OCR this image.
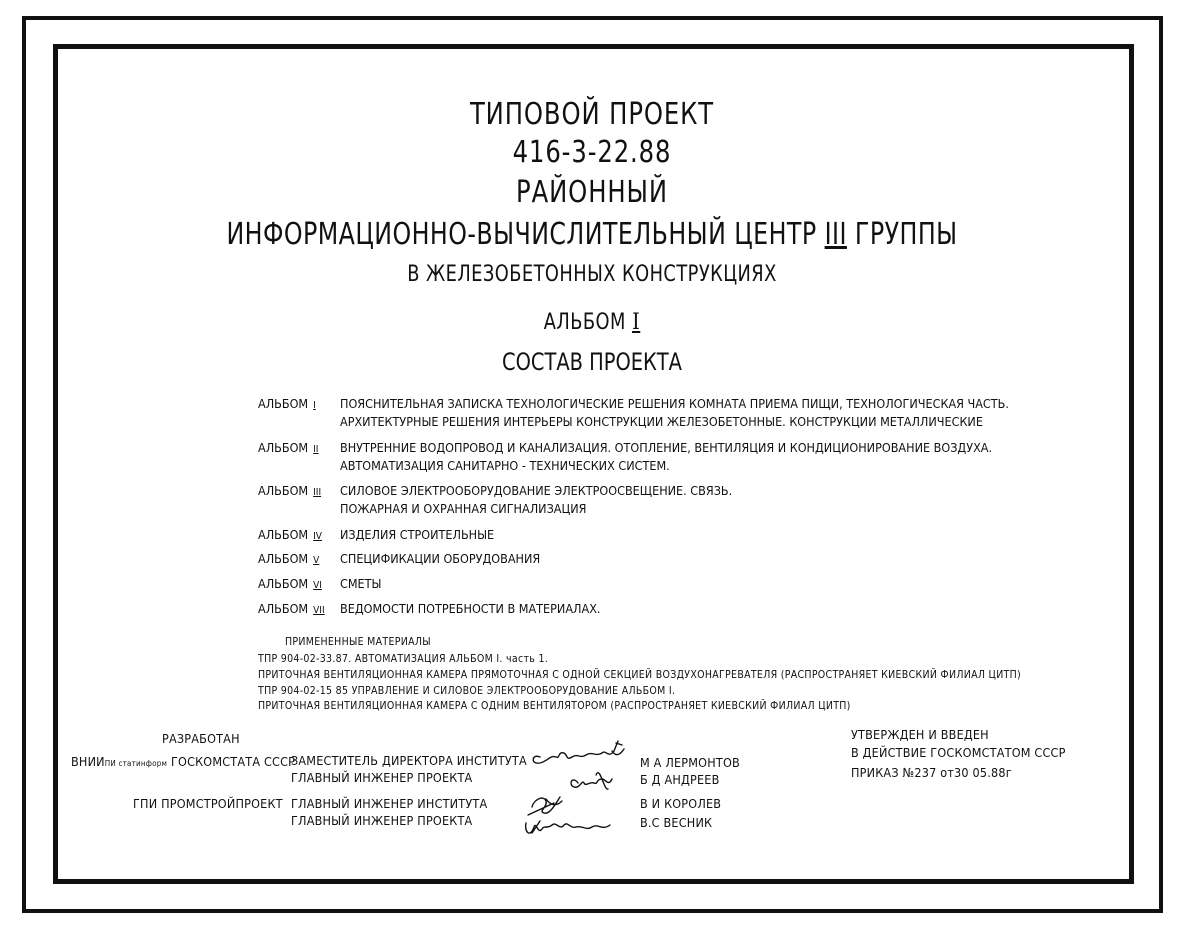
ТИПОВОЙ ПРОЕКТ
416-3-22.88
РАЙОННЫЙ
ИНФОРМАЦИОННО-ВЫЧИСЛИТЕЛЬНЫЙ ЦЕНТР III ГРУППЫ
В ЖЕЛЕЗОБЕТОННЫХ КОНСТРУКЦИЯХ
АЛЬБОМ I
СОСТАВ ПРОЕКТА
АЛЬБОМ I ПОЯСНИТЕЛЬНАЯ ЗАПИСКА ТЕХНОЛОГИЧЕСКИЕ РЕШЕНИЯ КОМНАТА ПРИЕМА ПИЩИ, ТЕХНОЛОГИЧЕСКАЯ ЧАСТЬ.
АРХИТЕКТУРНЫЕ РЕШЕНИЯ ИНТЕРЬЕРЫ КОНСТРУКЦИИ ЖЕЛЕЗОБЕТОННЫЕ. КОНСТРУКЦИИ МЕТАЛЛИЧЕСКИЕ
АЛЬБОМ II ВНУТРЕННИЕ ВОДОПРОВОД И КАНАЛИЗАЦИЯ. ОТОПЛЕНИЕ, ВЕНТИЛЯЦИЯ И КОНДИЦИОНИРОВАНИЕ ВОЗДУХА.
АВТОМАТИЗАЦИЯ САНИТАРНО - ТЕХНИЧЕСКИХ СИСТЕМ.
АЛЬБОМ III СИЛОВОЕ ЭЛЕКТРООБОРУДОВАНИЕ ЭЛЕКТРООСВЕЩЕНИЕ. СВЯЗЬ.
ПОЖАРНАЯ И ОХРАННАЯ СИГНАЛИЗАЦИЯ
АЛЬБОМ IV ИЗДЕЛИЯ СТРОИТЕЛЬНЫЕ
АЛЬБОМ V СПЕЦИФИКАЦИИ ОБОРУДОВАНИЯ
АЛЬБОМ VI СМЕТЫ
АЛЬБОМ VII ВЕДОМОСТИ ПОТРЕБНОСТИ В МАТЕРИАЛАХ.
ПРИМЕНЕННЫЕ МАТЕРИАЛЫ
ТПР 904-02-33.87. АВТОМАТИЗАЦИЯ АЛЬБОМ I. часть 1.
ПРИТОЧНАЯ ВЕНТИЛЯЦИОННАЯ КАМЕРА ПРЯМОТОЧНАЯ С ОДНОЙ СЕКЦИЕЙ ВОЗДУХОНАГРЕВАТЕЛЯ (РАСПРОСТРАНЯЕТ КИЕВСКИЙ ФИЛИАЛ ЦИТП)
ТПР 904-02-15 85 УПРАВЛЕНИЕ И СИЛОВОЕ ЭЛЕКТРООБОРУДОВАНИЕ АЛЬБОМ I.
ПРИТОЧНАЯ ВЕНТИЛЯЦИОННАЯ КАМЕРА С ОДНИМ ВЕНТИЛЯТОРОМ (РАСПРОСТРАНЯЕТ КИЕВСКИЙ ФИЛИАЛ ЦИТП)
РАЗРАБОТАН
ВНИИПИ статинформ ГОСКОМСТАТА СССР
ГПИ ПРОМСТРОЙПРОЕКТ
ЗАМЕСТИТЕЛЬ ДИРЕКТОРА ИНСТИТУТА
ГЛАВНЫЙ ИНЖЕНЕР ПРОЕКТА
ГЛАВНЫЙ ИНЖЕНЕР ИНСТИТУТА
ГЛАВНЫЙ ИНЖЕНЕР ПРОЕКТА
М А ЛЕРМОНТОВ
Б Д АНДРЕЕВ
В И КОРОЛЕВ
В.С ВЕСНИК
УТВЕРЖДЕН И ВВЕДЕН
В ДЕЙСТВИЕ ГОСКОМСТАТОМ СССР
ПРИКАЗ №237 от30 05.88г
